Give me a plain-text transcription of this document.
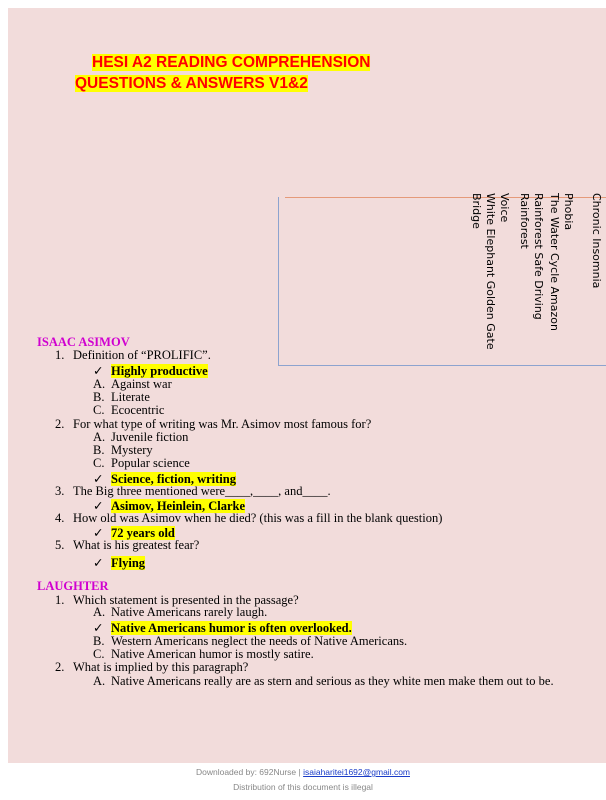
HESI A2 READING COMPREHENSION
QUESTIONS & ANSWERS V1&2
Chronic Insomnia
Phobia
The Water Cycle Amazon
Rainforest Safe Driving
Rainforest
Voice
White Elephant Golden Gate
Bridge
ISAAC ASIMOV
1. Definition of “PROLIFIC”.
✓ Highly productive
A. Against war
B. Literate
C. Ecocentric
2. For what type of writing was Mr. Asimov most famous for?
A. Juvenile fiction
B. Mystery
C. Popular science
✓ Science, fiction, writing
3. The Big three mentioned were____,____, and____.
✓ Asimov, Heinlein, Clarke
4. How old was Asimov when he died? (this was a fill in the blank question)
✓ 72 years old
5. What is his greatest fear?
✓ Flying
LAUGHTER
1. Which statement is presented in the passage?
A. Native Americans rarely laugh.
✓ Native Americans humor is often overlooked.
B. Western Americans neglect the needs of Native Americans.
C. Native American humor is mostly satire.
2. What is implied by this paragraph?
A. Native Americans really are as stern and serious as they white men make them out to be.
Downloaded by: 692Nurse | isaiaharitei1692@gmail.com
Distribution of this document is illegal
